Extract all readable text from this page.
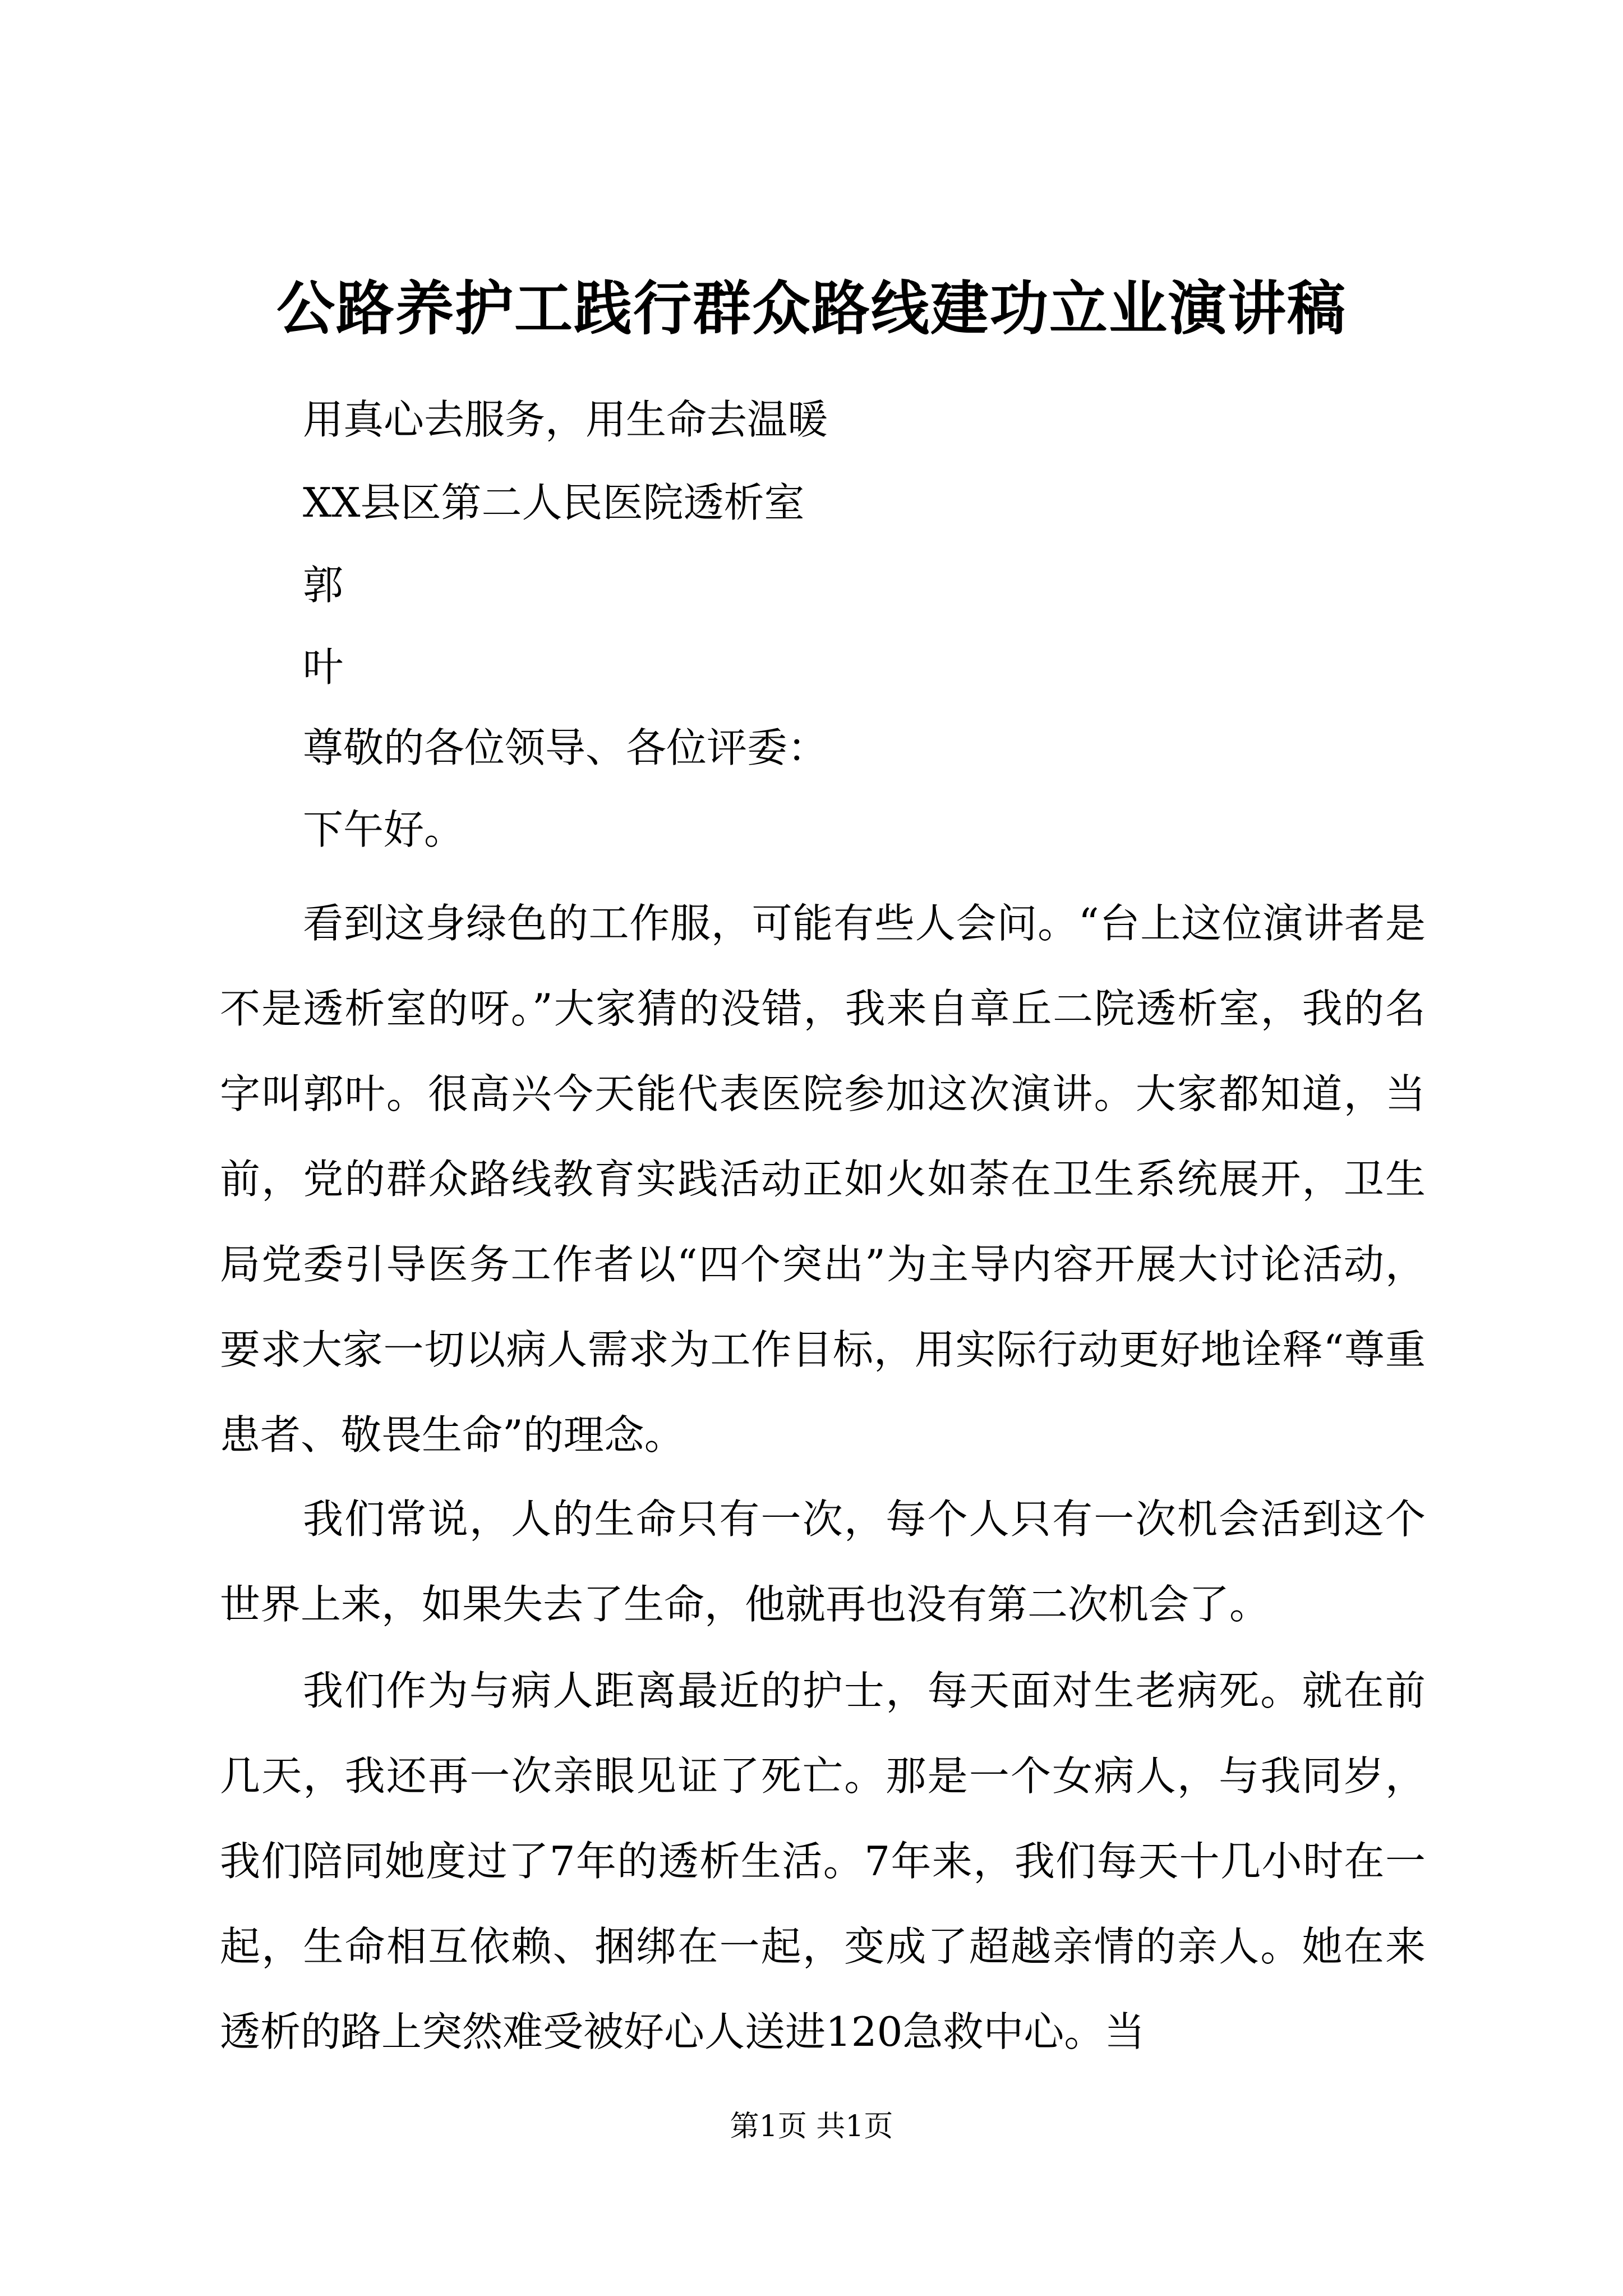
公路养护工践行群众路线建功立业演讲稿
用真心去服务，用生命去温暖
XX县区第二人民医院透析室
郭
叶
尊敬的各位领导、各位评委：
下午好。
看到这身绿色的工作服，可能有些人会问。“台上这位演讲者是不是透析室的呀。”大家猜的没错，我来自章丘二院透析室，我的名字叫郭叶。很高兴今天能代表医院参加这次演讲。大家都知道，当前，党的群众路线教育实践活动正如火如荼在卫生系统展开，卫生局党委引导医务工作者以“四个突出”为主导内容开展大讨论活动，要求大家一切以病人需求为工作目标，用实际行动更好地诠释“尊重患者、敬畏生命”的理念。
我们常说，人的生命只有一次，每个人只有一次机会活到这个世界上来，如果失去了生命，他就再也没有第二次机会了。
我们作为与病人距离最近的护士，每天面对生老病死。就在前几天，我还再一次亲眼见证了死亡。那是一个女病人，与我同岁，我们陪同她度过了7年的透析生活。7年来，我们每天十几小时在一起，生命相互依赖、捆绑在一起，变成了超越亲情的亲人。她在来透析的路上突然难受被好心人送进120急救中心。当
第1页 共1页
